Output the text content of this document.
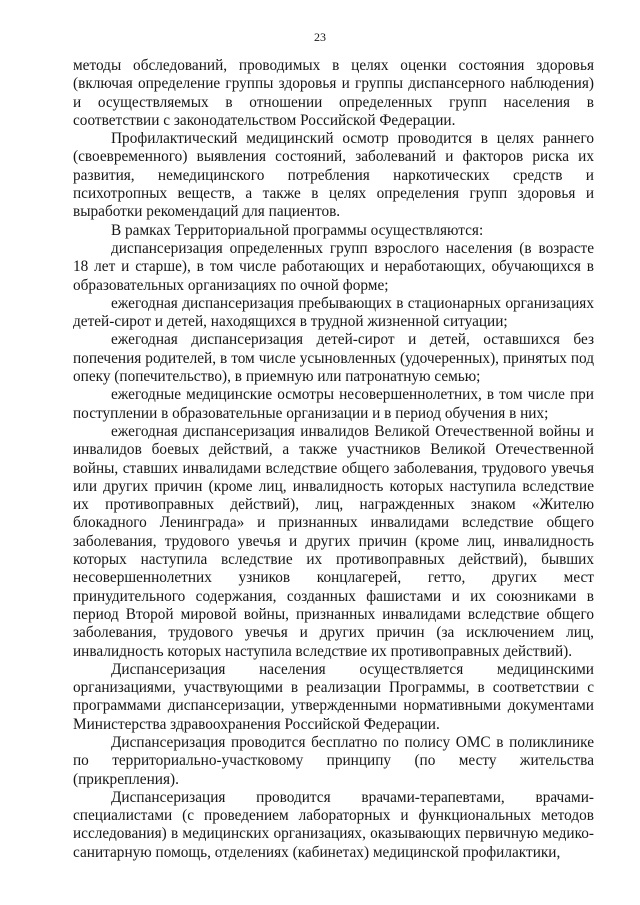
23

методы обследований, проводимых в целях оценки состояния здоровья (включая определение группы здоровья и группы диспансерного наблюдения) и осуществляемых в отношении определенных групп населения в соответствии с законодательством Российской Федерации.

Профилактический медицинский осмотр проводится в целях раннего (своевременного) выявления состояний, заболеваний и факторов риска их развития, немедицинского потребления наркотических средств и психотропных веществ, а также в целях определения групп здоровья и выработки рекомендаций для пациентов.

В рамках Территориальной программы осуществляются:

диспансеризация определенных групп взрослого населения (в возрасте 18 лет и старше), в том числе работающих и неработающих, обучающихся в образовательных организациях по очной форме;

ежегодная диспансеризация пребывающих в стационарных организациях детей-сирот и детей, находящихся в трудной жизненной ситуации;

ежегодная диспансеризация детей-сирот и детей, оставшихся без попечения родителей, в том числе усыновленных (удочеренных), принятых под опеку (попечительство), в приемную или патронатную семью;

ежегодные медицинские осмотры несовершеннолетних, в том числе при поступлении в образовательные организации и в период обучения в них;

ежегодная диспансеризация инвалидов Великой Отечественной войны и инвалидов боевых действий, а также участников Великой Отечественной войны, ставших инвалидами вследствие общего заболевания, трудового увечья или других причин (кроме лиц, инвалидность которых наступила вследствие их противоправных действий), лиц, награжденных знаком «Жителю блокадного Ленинграда» и признанных инвалидами вследствие общего заболевания, трудового увечья и других причин (кроме лиц, инвалидность которых наступила вследствие их противоправных действий), бывших несовершеннолетних узников концлагерей, гетто, других мест принудительного содержания, созданных фашистами и их союзниками в период Второй мировой войны, признанных инвалидами вследствие общего заболевания, трудового увечья и других причин (за исключением лиц, инвалидность которых наступила вследствие их противоправных действий).

Диспансеризация населения осуществляется медицинскими организациями, участвующими в реализации Программы, в соответствии с программами диспансеризации, утвержденными нормативными документами Министерства здравоохранения Российской Федерации.

Диспансеризация проводится бесплатно по полису ОМС в поликлинике по территориально-участковому принципу (по месту жительства (прикрепления).

Диспансеризация проводится врачами-терапевтами, врачами-специалистами (с проведением лабораторных и функциональных методов исследования) в медицинских организациях, оказывающих первичную медико-санитарную помощь, отделениях (кабинетах) медицинской профилактики,
